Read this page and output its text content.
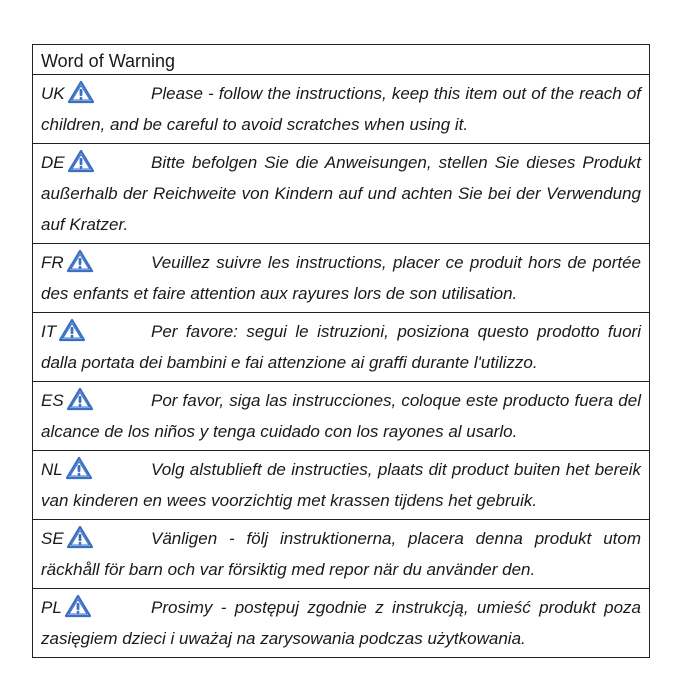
Word of Warning
UK	Please - follow the instructions, keep this item out of the reach of children, and be careful to avoid scratches when using it.
DE	Bitte befolgen Sie die Anweisungen, stellen Sie dieses Produkt außerhalb der Reichweite von Kindern auf und achten Sie bei der Verwendung auf Kratzer.
FR	Veuillez suivre les instructions, placer ce produit hors de portée des enfants et faire attention aux rayures lors de son utilisation.
IT	Per favore: segui le istruzioni, posiziona questo prodotto fuori dalla portata dei bambini e fai attenzione ai graffi durante l'utilizzo.
ES	Por favor, siga las instrucciones, coloque este producto fuera del alcance de los niños y tenga cuidado con los rayones al usarlo.
NL	Volg alstublieft de instructies, plaats dit product buiten het bereik van kinderen en wees voorzichtig met krassen tijdens het gebruik.
SE	Vänligen - följ instruktionerna, placera denna produkt utom räckhåll för barn och var försiktig med repor när du använder den.
PL	Prosimy - postępuj zgodnie z instrukcją, umieść produkt poza zasięgiem dzieci i uważaj na zarysowania podczas użytkowania.
